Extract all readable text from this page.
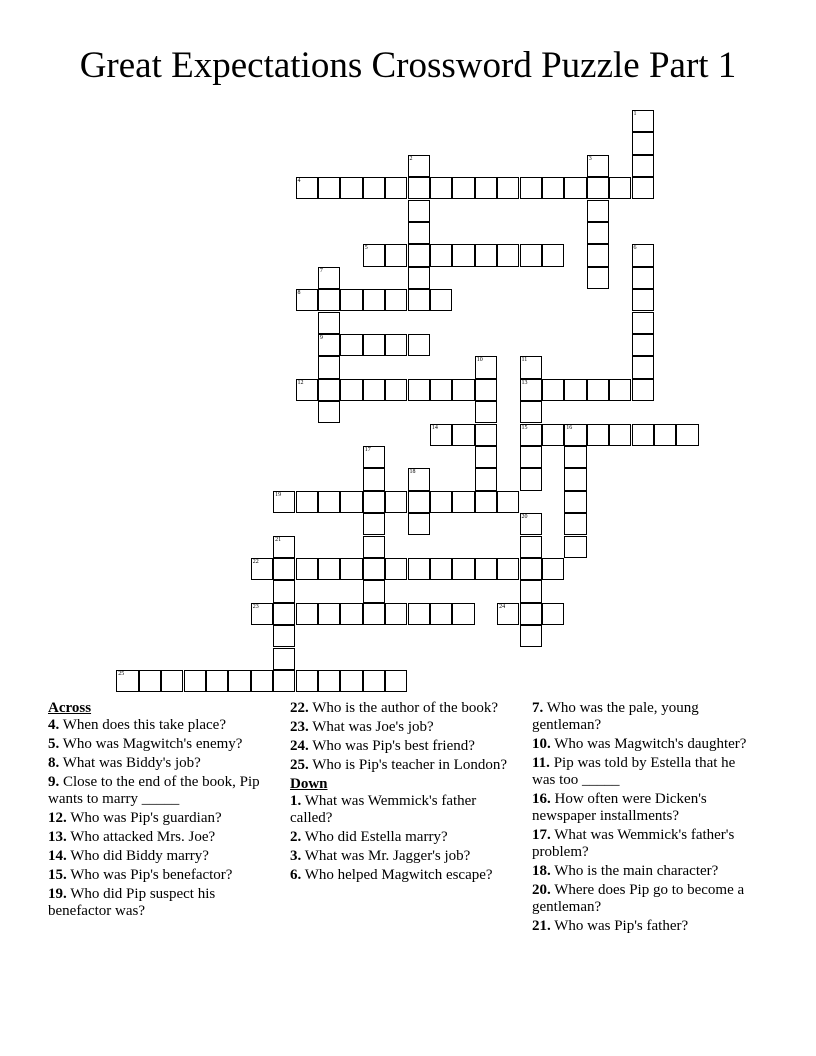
Great Expectations Crossword Puzzle Part 1
1
2	3
4
5	6
7
9
8
10	11
13
15
12
14	16
17
18
19
20
21
22
23	24
25
Across
4. When does this take place?
5. Who was Magwitch's enemy?
8. What was Biddy's job?
9. Close to the end of the book, Pip wants to marry _____
12. Who was Pip's guardian?
13. Who attacked Mrs. Joe?
14. Who did Biddy marry?
15. Who was Pip's benefactor?
19. Who did Pip suspect his benefactor was?
22. Who is the author of the book?
23. What was Joe's job?
24. Who was Pip's best friend?
25. Who is Pip's teacher in London?
Down
1. What was Wemmick's father called?
2. Who did Estella marry?
3. What was Mr. Jagger's job?
6. Who helped Magwitch escape?
7. Who was the pale, young gentleman?
10. Who was Magwitch's daughter?
11. Pip was told by Estella that he was too _____
16. How often were Dicken's newspaper installments?
17. What was Wemmick's father's problem?
18. Who is the main character?
20. Where does Pip go to become a gentleman?
21. Who was Pip's father?
